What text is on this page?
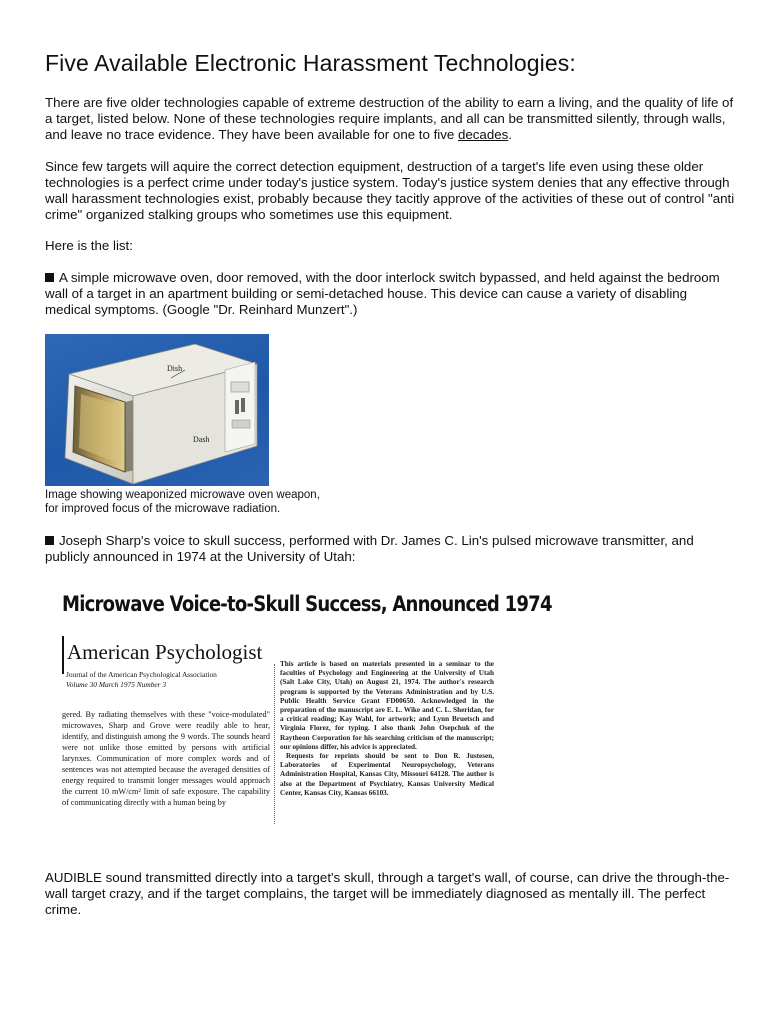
Five Available Electronic Harassment Technologies:

There are five older technologies capable of extreme destruction of the ability to earn a living, and the quality of life of a target, listed below. None of these technologies require implants, and all can be transmitted silently, through walls, and leave no trace evidence. They have been available for one to five decades.

Since few targets will aquire the correct detection equipment, destruction of a target's life even using these older technologies is a perfect crime under today's justice system. Today's justice system denies that any effective through wall harassment technologies exist, probably because they tacitly approve of the activities of these out of control "anti crime" organized stalking groups who sometimes use this equipment.

Here is the list:

A simple microwave oven, door removed, with the door interlock switch bypassed, and held against the bedroom wall of a target in an apartment building or semi-detached house. This device can cause a variety of disabling medical symptoms. (Google "Dr. Reinhard Munzert".)

Dish
Dash
Image showing weaponized microwave oven weapon,
for improved focus of the microwave radiation.

Joseph Sharp's voice to skull success, performed with Dr. James C. Lin's pulsed microwave transmitter, and publicly announced in 1974 at the University of Utah:

Microwave Voice-to-Skull Success, Announced 1974
American Psychologist
Journal of the American Psychological Association
Volume 30 March 1975 Number 3
gered. By radiating themselves with these "voice-modulated" microwaves, Sharp and Grove were readily able to hear, identify, and distinguish among the 9 words. The sounds heard were not unlike those emitted by persons with artificial larynxes. Communication of more complex words and of sentences was not attempted because the averaged densities of energy required to transmit longer messages would approach the current 10 mW/cm² limit of safe exposure. The capability of communicating directly with a human being by
This article is based on materials presented in a seminar to the faculties of Psychology and Engineering at the University of Utah (Salt Lake City, Utah) on August 21, 1974. The author's research program is supported by the Veterans Administration and by U.S. Public Health Service Grant FD00650. Acknowledged in the preparation of the manuscript are E. L. Wike and C. L. Sheridan, for a critical reading; Kay Wahl, for artwork; and Lynn Bruetsch and Virginia Florez, for typing. I also thank John Osepchuk of the Raytheon Corporation for his searching criticism of the manuscript; our opinions differ, his advice is appreciated.
Requests for reprints should be sent to Don R. Justesen, Laboratories of Experimental Neuropsychology, Veterans Administration Hospital, Kansas City, Missouri 64128. The author is also at the Department of Psychiatry, Kansas University Medical Center, Kansas City, Kansas 66103.

AUDIBLE sound transmitted directly into a target's skull, through a target's wall, of course, can drive the through-the-wall target crazy, and if the target complains, the target will be immediately diagnosed as mentally ill. The perfect crime.
